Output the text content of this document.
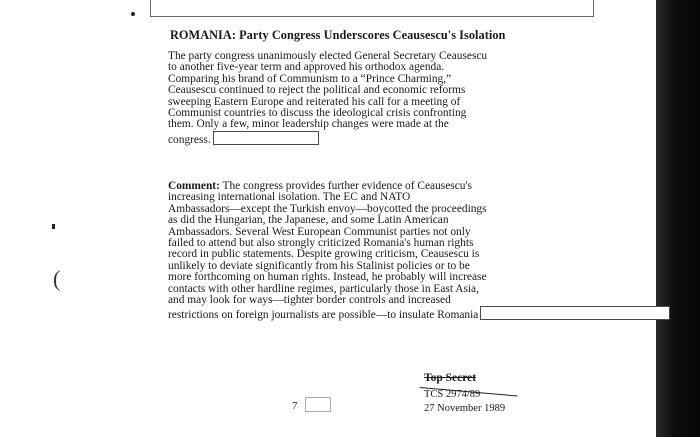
(
ROMANIA: Party Congress Underscores Ceausescu's Isolation
The party congress unanimously elected General Secretary Ceausescu
to another five-year term and approved his orthodox agenda.
Comparing his brand of Communism to a “Prince Charming,”
Ceausescu continued to reject the political and economic reforms
sweeping Eastern Europe and reiterated his call for a meeting of
Communist countries to discuss the ideological crisis confronting
them. Only a few, minor leadership changes were made at the
congress.
Comment: The congress provides further evidence of Ceausescu's
increasing international isolation. The EC and NATO
Ambassadors—except the Turkish envoy—boycotted the proceedings
as did the Hungarian, the Japanese, and some Latin American
Ambassadors. Several West European Communist parties not only
failed to attend but also strongly criticized Romania's human rights
record in public statements. Despite growing criticism, Ceausescu is
unlikely to deviate significantly from his Stalinist policies or to be
more forthcoming on human rights. Instead, he probably will increase
contacts with other hardline regimes, particularly those in East Asia,
and may look for ways—tighter border controls and increased
restrictions on foreign journalists are possible—to insulate Romania

7

Top Secret

TCS 2974/89

27 November 1989
